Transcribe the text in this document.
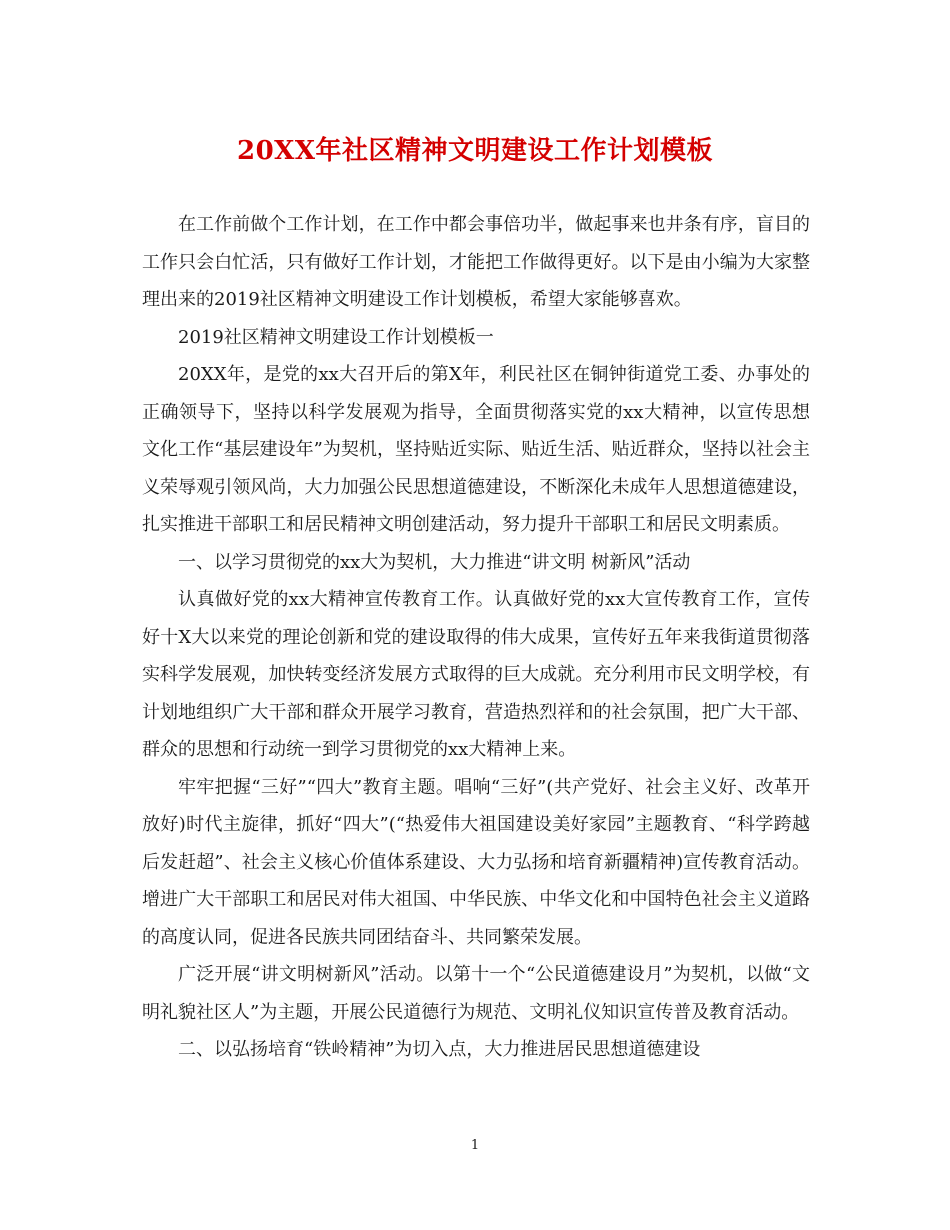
20XX年社区精神文明建设工作计划模板

在工作前做个工作计划，在工作中都会事倍功半，做起事来也井条有序，盲目的工作只会白忙活，只有做好工作计划，才能把工作做得更好。以下是由小编为大家整理出来的2019社区精神文明建设工作计划模板，希望大家能够喜欢。

2019社区精神文明建设工作计划模板一

20XX年，是党的xx大召开后的第X年，利民社区在铜钟街道党工委、办事处的正确领导下，坚持以科学发展观为指导，全面贯彻落实党的xx大精神，以宣传思想文化工作“基层建设年”为契机，坚持贴近实际、贴近生活、贴近群众，坚持以社会主义荣辱观引领风尚，大力加强公民思想道德建设，不断深化未成年人思想道德建设，扎实推进干部职工和居民精神文明创建活动，努力提升干部职工和居民文明素质。

一、以学习贯彻党的xx大为契机，大力推进“讲文明 树新风”活动

认真做好党的xx大精神宣传教育工作。认真做好党的xx大宣传教育工作，宣传好十X大以来党的理论创新和党的建设取得的伟大成果，宣传好五年来我街道贯彻落实科学发展观，加快转变经济发展方式取得的巨大成就。充分利用市民文明学校，有计划地组织广大干部和群众开展学习教育，营造热烈祥和的社会氛围，把广大干部、群众的思想和行动统一到学习贯彻党的xx大精神上来。

牢牢把握“三好”“四大”教育主题。唱响“三好”(共产党好、社会主义好、改革开放好)时代主旋律，抓好“四大”(“热爱伟大祖国建设美好家园”主题教育、“科学跨越 后发赶超”、社会主义核心价值体系建设、大力弘扬和培育新疆精神)宣传教育活动。增进广大干部职工和居民对伟大祖国、中华民族、中华文化和中国特色社会主义道路的高度认同，促进各民族共同团结奋斗、共同繁荣发展。

广泛开展“讲文明树新风”活动。以第十一个“公民道德建设月”为契机，以做“文明礼貌社区人”为主题，开展公民道德行为规范、文明礼仪知识宣传普及教育活动。

二、以弘扬培育“铁岭精神”为切入点，大力推进居民思想道德建设

1
